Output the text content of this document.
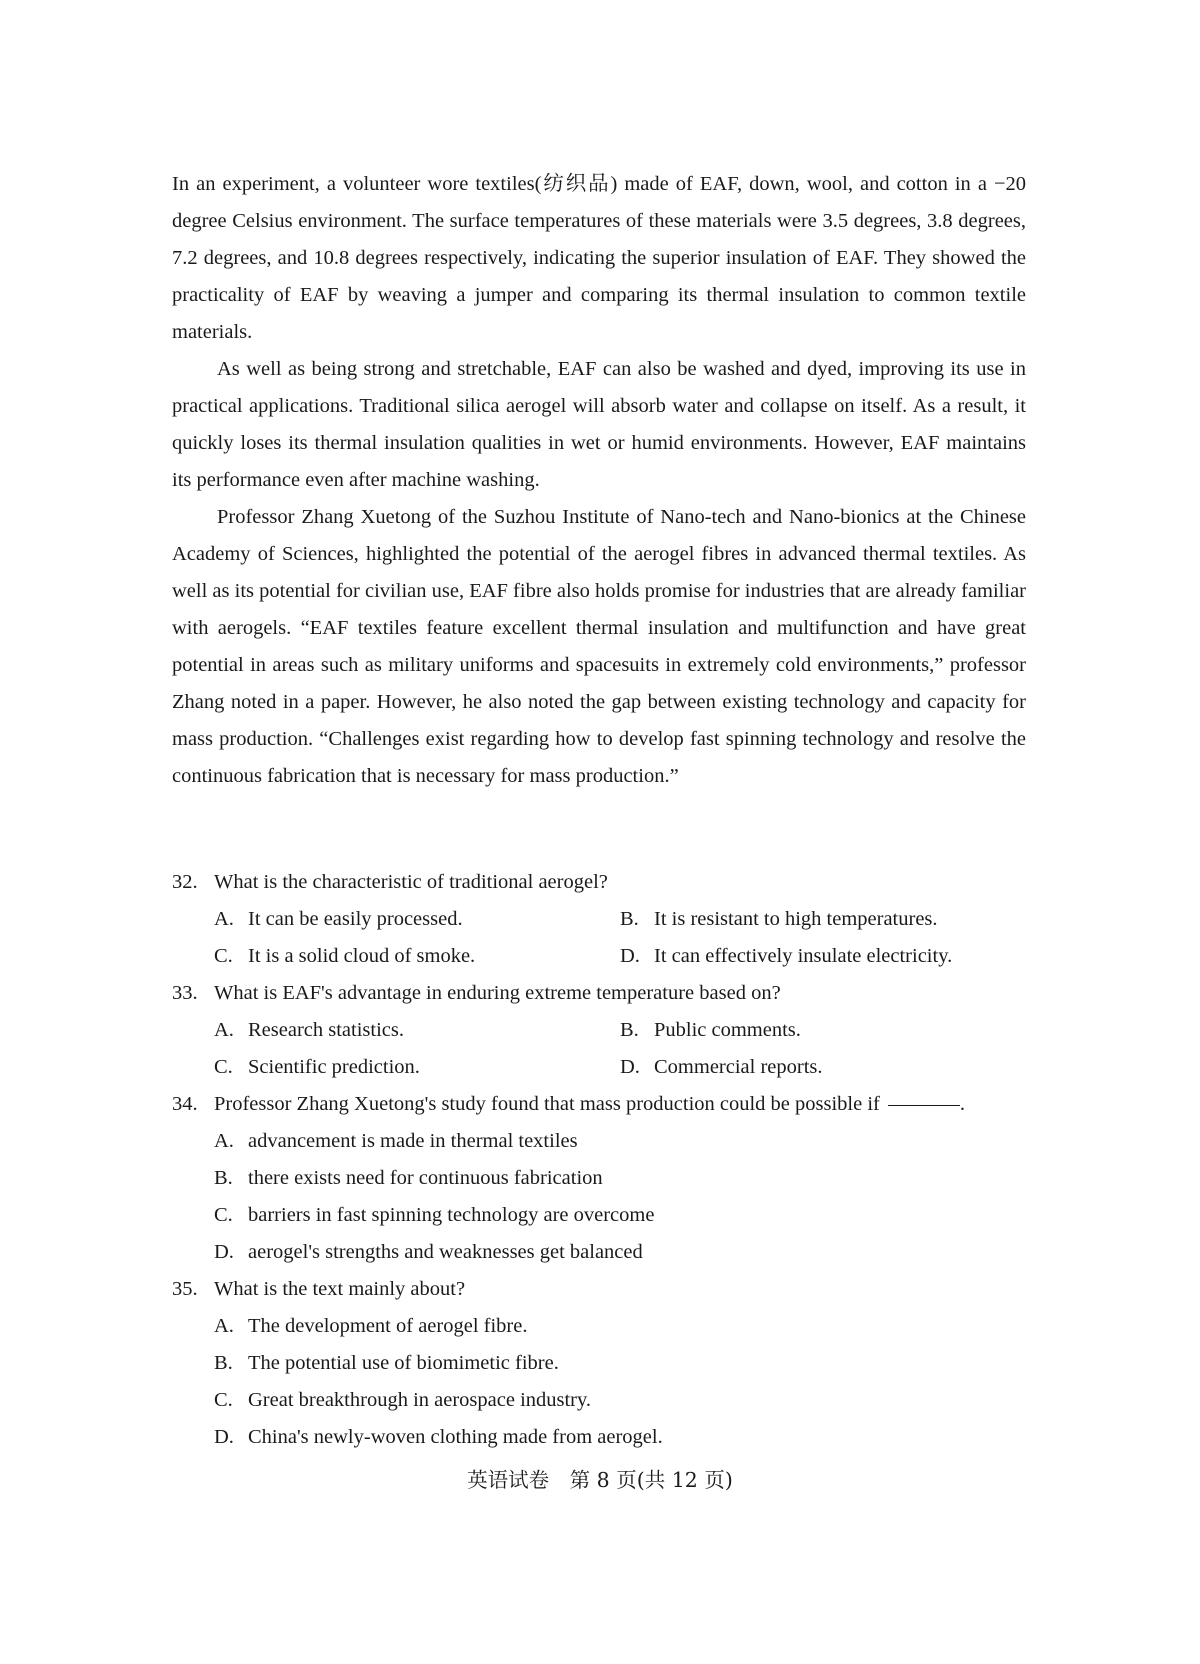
In an experiment, a volunteer wore textiles(纺织品) made of EAF, down, wool, and cotton in a −20 degree Celsius environment. The surface temperatures of these materials were 3.5 degrees, 3.8 degrees, 7.2 degrees, and 10.8 degrees respectively, indicating the superior insulation of EAF. They showed the practicality of EAF by weaving a jumper and comparing its thermal insulation to common textile materials.

As well as being strong and stretchable, EAF can also be washed and dyed, improving its use in practical applications. Traditional silica aerogel will absorb water and collapse on itself. As a result, it quickly loses its thermal insulation qualities in wet or humid environments. However, EAF maintains its performance even after machine washing.

Professor Zhang Xuetong of the Suzhou Institute of Nano-tech and Nano-bionics at the Chinese Academy of Sciences, highlighted the potential of the aerogel fibres in advanced thermal textiles. As well as its potential for civilian use, EAF fibre also holds promise for industries that are already familiar with aerogels. “EAF textiles feature excellent thermal insulation and multifunction and have great potential in areas such as military uniforms and spacesuits in extremely cold environments,” professor Zhang noted in a paper. However, he also noted the gap between existing technology and capacity for mass production. “Challenges exist regarding how to develop fast spinning technology and resolve the continuous fabrication that is necessary for mass production.”

32. What is the characteristic of traditional aerogel?
A. It can be easily processed.	B. It is resistant to high temperatures.
C. It is a solid cloud of smoke.	D. It can effectively insulate electricity.
33. What is EAF's advantage in enduring extreme temperature based on?
A. Research statistics.	B. Public comments.
C. Scientific prediction.	D. Commercial reports.
34. Professor Zhang Xuetong's study found that mass production could be possible if	.
A. advancement is made in thermal textiles
B. there exists need for continuous fabrication
C. barriers in fast spinning technology are overcome
D. aerogel's strengths and weaknesses get balanced
35. What is the text mainly about?
A. The development of aerogel fibre.
B. The potential use of biomimetic fibre.
C. Great breakthrough in aerospace industry.
D. China's newly-woven clothing made from aerogel.
英语试卷　第 8 页(共 12 页)
